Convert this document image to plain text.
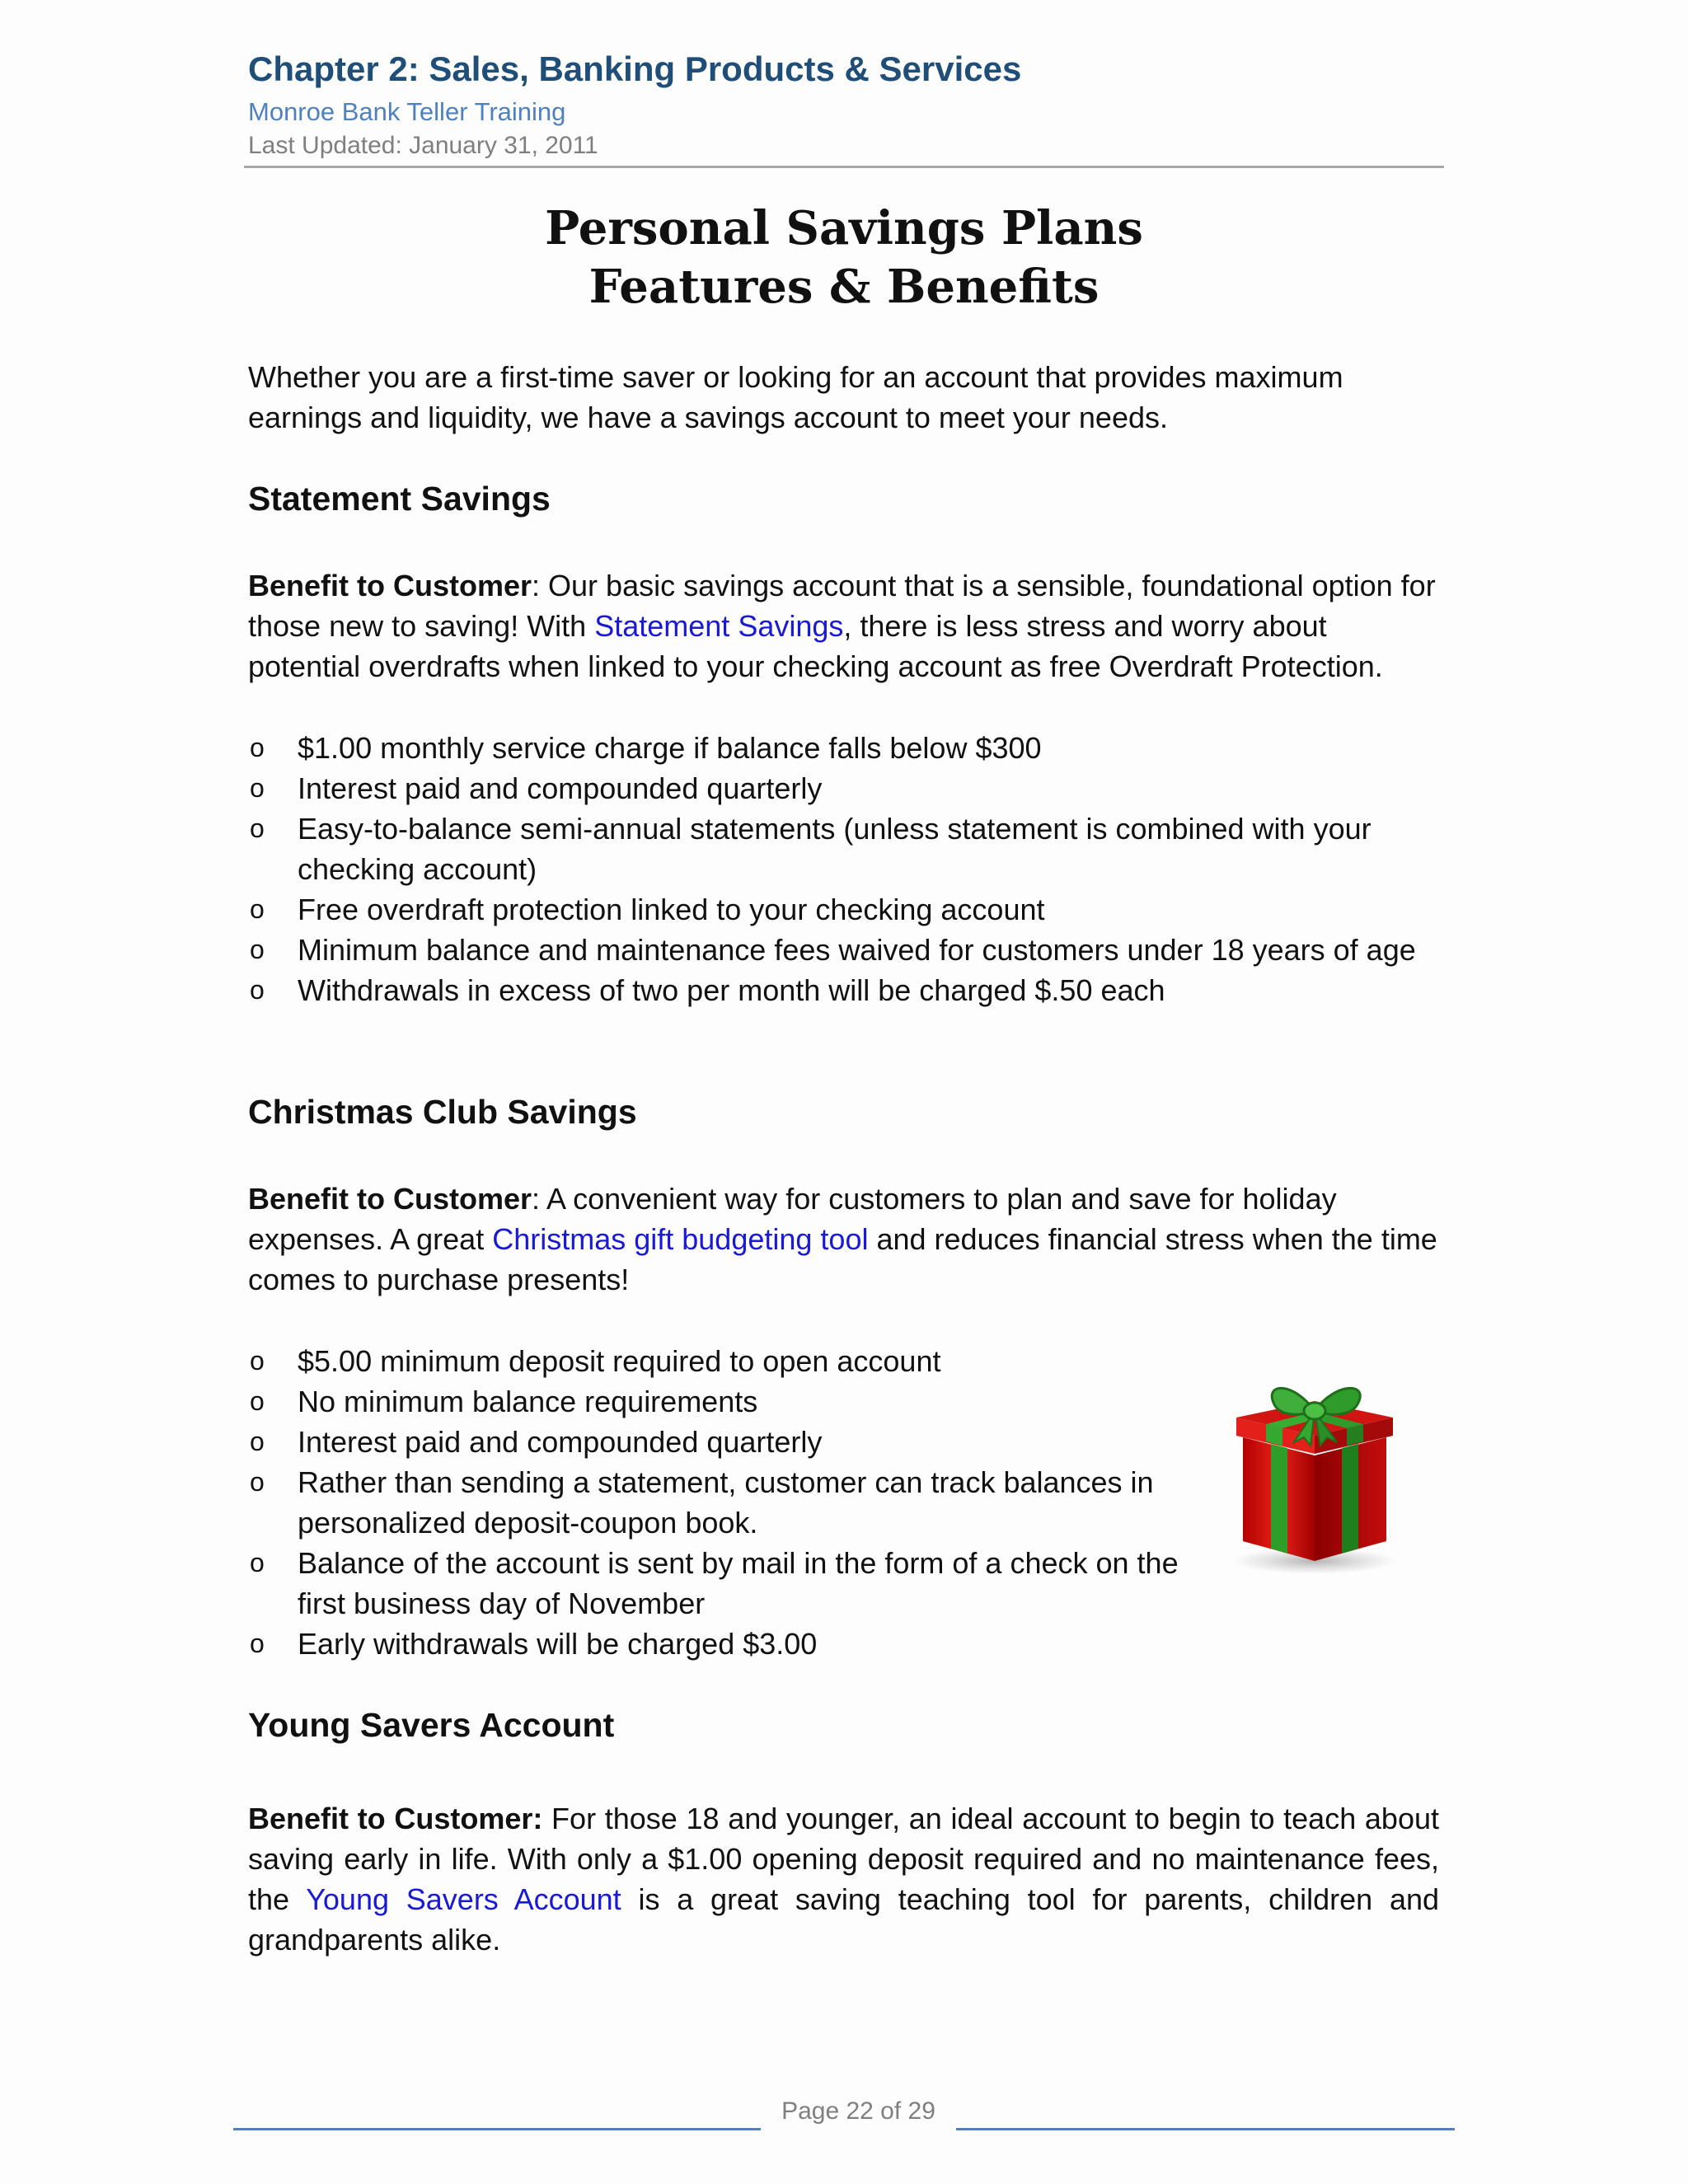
Chapter 2: Sales, Banking Products & Services
Monroe Bank Teller Training
Last Updated: January 31, 2011
Personal Savings Plans
Features & Benefits

Whether you are a first-time saver or looking for an account that provides maximum earnings and liquidity, we have a savings account to meet your needs.

Statement Savings

Benefit to Customer: Our basic savings account that is a sensible, foundational option for those new to saving! With Statement Savings, there is less stress and worry about potential overdrafts when linked to your checking account as free Overdraft Protection.

o $1.00 monthly service charge if balance falls below $300
o Interest paid and compounded quarterly
o Easy-to-balance semi-annual statements (unless statement is combined with your checking account)
o Free overdraft protection linked to your checking account
o Minimum balance and maintenance fees waived for customers under 18 years of age
o Withdrawals in excess of two per month will be charged $.50 each
Christmas Club Savings

Benefit to Customer: A convenient way for customers to plan and save for holiday expenses. A great Christmas gift budgeting tool and reduces financial stress when the time comes to purchase presents!

o $5.00 minimum deposit required to open account
o No minimum balance requirements
o Interest paid and compounded quarterly
o Rather than sending a statement, customer can track balances in personalized deposit-coupon book.
o Balance of the account is sent by mail in the form of a check on the first business day of November
o Early withdrawals will be charged $3.00
Young Savers Account

Benefit to Customer: For those 18 and younger, an ideal account to begin to teach about saving early in life. With only a $1.00 opening deposit required and no maintenance fees, the Young Savers Account is a great saving teaching tool for parents, children and grandparents alike.

Page 22 of 29
